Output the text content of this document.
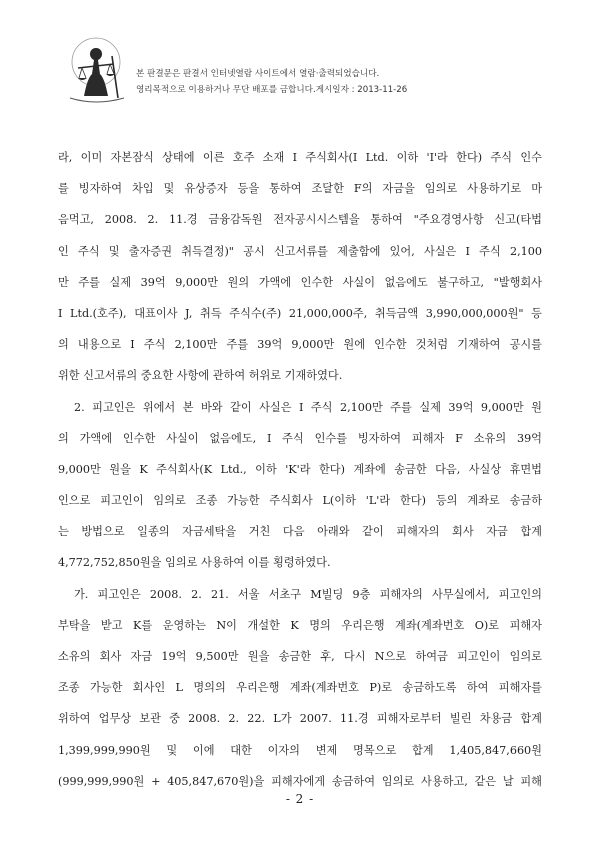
본 판결문은 판결서 인터넷열람 사이트에서 열람·출력되었습니다.
영리목적으로 이용하거나 무단 배포를 금합니다.게시일자 : 2013-11-26
라, 이미 자본잠식 상태에 이른 호주 소재 I 주식회사(I Ltd. 이하 'I'라 한다) 주식 인수
를 빙자하여 차입 및 유상증자 등을 통하여 조달한 F의 자금을 임의로 사용하기로 마
음먹고, 2008. 2. 11.경 금융감독원 전자공시시스템을 통하여 "주요경영사항 신고(타법
인 주식 및 출자증권 취득결정)" 공시 신고서류를 제출함에 있어, 사실은 I 주식 2,100
만 주를 실제 39억 9,000만 원의 가액에 인수한 사실이 없음에도 불구하고, "발행회사
I Ltd.(호주), 대표이사 J, 취득 주식수(주) 21,000,000주, 취득금액 3,990,000,000원" 등
의 내용으로 I 주식 2,100만 주를 39억 9,000만 원에 인수한 것처럼 기재하여 공시를
위한 신고서류의 중요한 사항에 관하여 허위로 기재하였다.
2. 피고인은 위에서 본 바와 같이 사실은 I 주식 2,100만 주를 실제 39억 9,000만 원
의 가액에 인수한 사실이 없음에도, I 주식 인수를 빙자하여 피해자 F 소유의 39억
9,000만 원을 K 주식회사(K Ltd., 이하 'K'라 한다) 계좌에 송금한 다음, 사실상 휴면법
인으로 피고인이 임의로 조종 가능한 주식회사 L(이하 'L'라 한다) 등의 계좌로 송금하
는 방법으로 일종의 자금세탁을 거친 다음 아래와 같이 피해자의 회사 자금 합계
4,772,752,850원을 임의로 사용하여 이를 횡령하였다.
가. 피고인은 2008. 2. 21. 서울 서초구 M빌딩 9층 피해자의 사무실에서, 피고인의
부탁을 받고 K를 운영하는 N이 개설한 K 명의 우리은행 계좌(계좌번호 O)로 피해자
소유의 회사 자금 19억 9,500만 원을 송금한 후, 다시 N으로 하여금 피고인이 임의로
조종 가능한 회사인 L 명의의 우리은행 계좌(계좌번호 P)로 송금하도록 하여 피해자를
위하여 업무상 보관 중 2008. 2. 22. L가 2007. 11.경 피해자로부터 빌린 차용금 합계
1,399,999,990원 및 이에 대한 이자의 변제 명목으로 합계 1,405,847,660원
(999,999,990원 + 405,847,670원)을 피해자에게 송금하여 임의로 사용하고, 같은 날 피해
- 2 -
